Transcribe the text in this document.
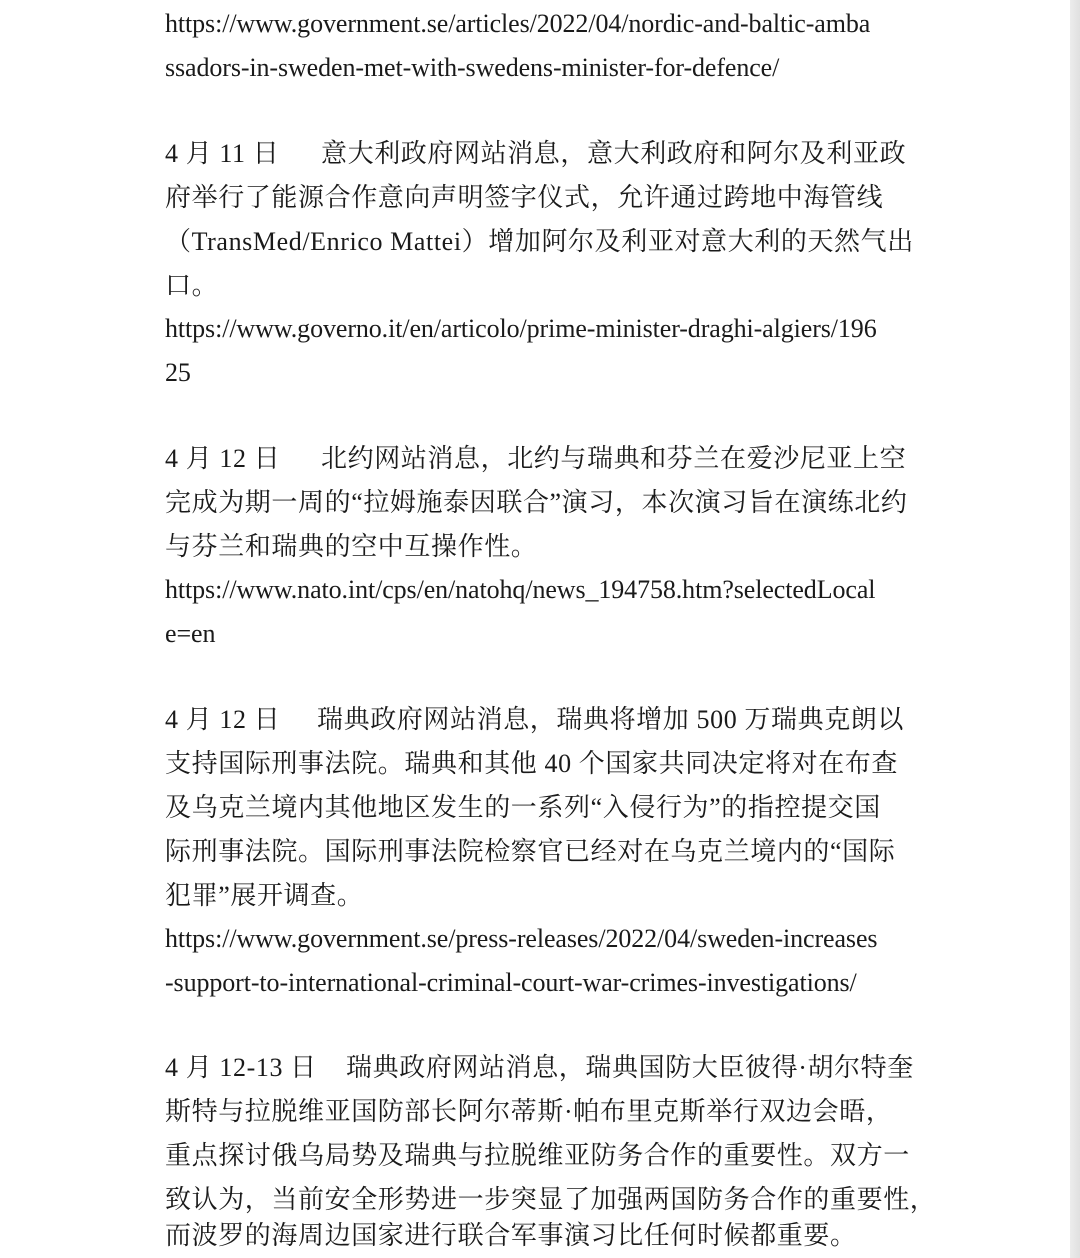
https://www.government.se/articles/2022/04/nordic-and-baltic-amba
ssadors-in-sweden-met-with-swedens-minister-for-defence/
4 月 11 日 意大利政府网站消息，意大利政府和阿尔及利亚政
府举行了能源合作意向声明签字仪式，允许通过跨地中海管线
（TransMed/Enrico Mattei）增加阿尔及利亚对意大利的天然气出
口。
https://www.governo.it/en/articolo/prime-minister-draghi-algiers/196
25
4 月 12 日 北约网站消息，北约与瑞典和芬兰在爱沙尼亚上空
完成为期一周的“拉姆施泰因联合”演习，本次演习旨在演练北约
与芬兰和瑞典的空中互操作性。
https://www.nato.int/cps/en/natohq/news_194758.htm?selectedLocal
e=en
4 月 12 日 瑞典政府网站消息，瑞典将增加 500 万瑞典克朗以
支持国际刑事法院。瑞典和其他 40 个国家共同决定将对在布查
及乌克兰境内其他地区发生的一系列“入侵行为”的指控提交国
际刑事法院。国际刑事法院检察官已经对在乌克兰境内的“国际
犯罪”展开调查。
https://www.government.se/press-releases/2022/04/sweden-increases
-support-to-international-criminal-court-war-crimes-investigations/
4 月 12-13 日 瑞典政府网站消息，瑞典国防大臣彼得·胡尔特奎
斯特与拉脱维亚国防部长阿尔蒂斯·帕布里克斯举行双边会晤，
重点探讨俄乌局势及瑞典与拉脱维亚防务合作的重要性。双方一
致认为，当前安全形势进一步突显了加强两国防务合作的重要性，
而波罗的海周边国家进行联合军事演习比任何时候都重要。
